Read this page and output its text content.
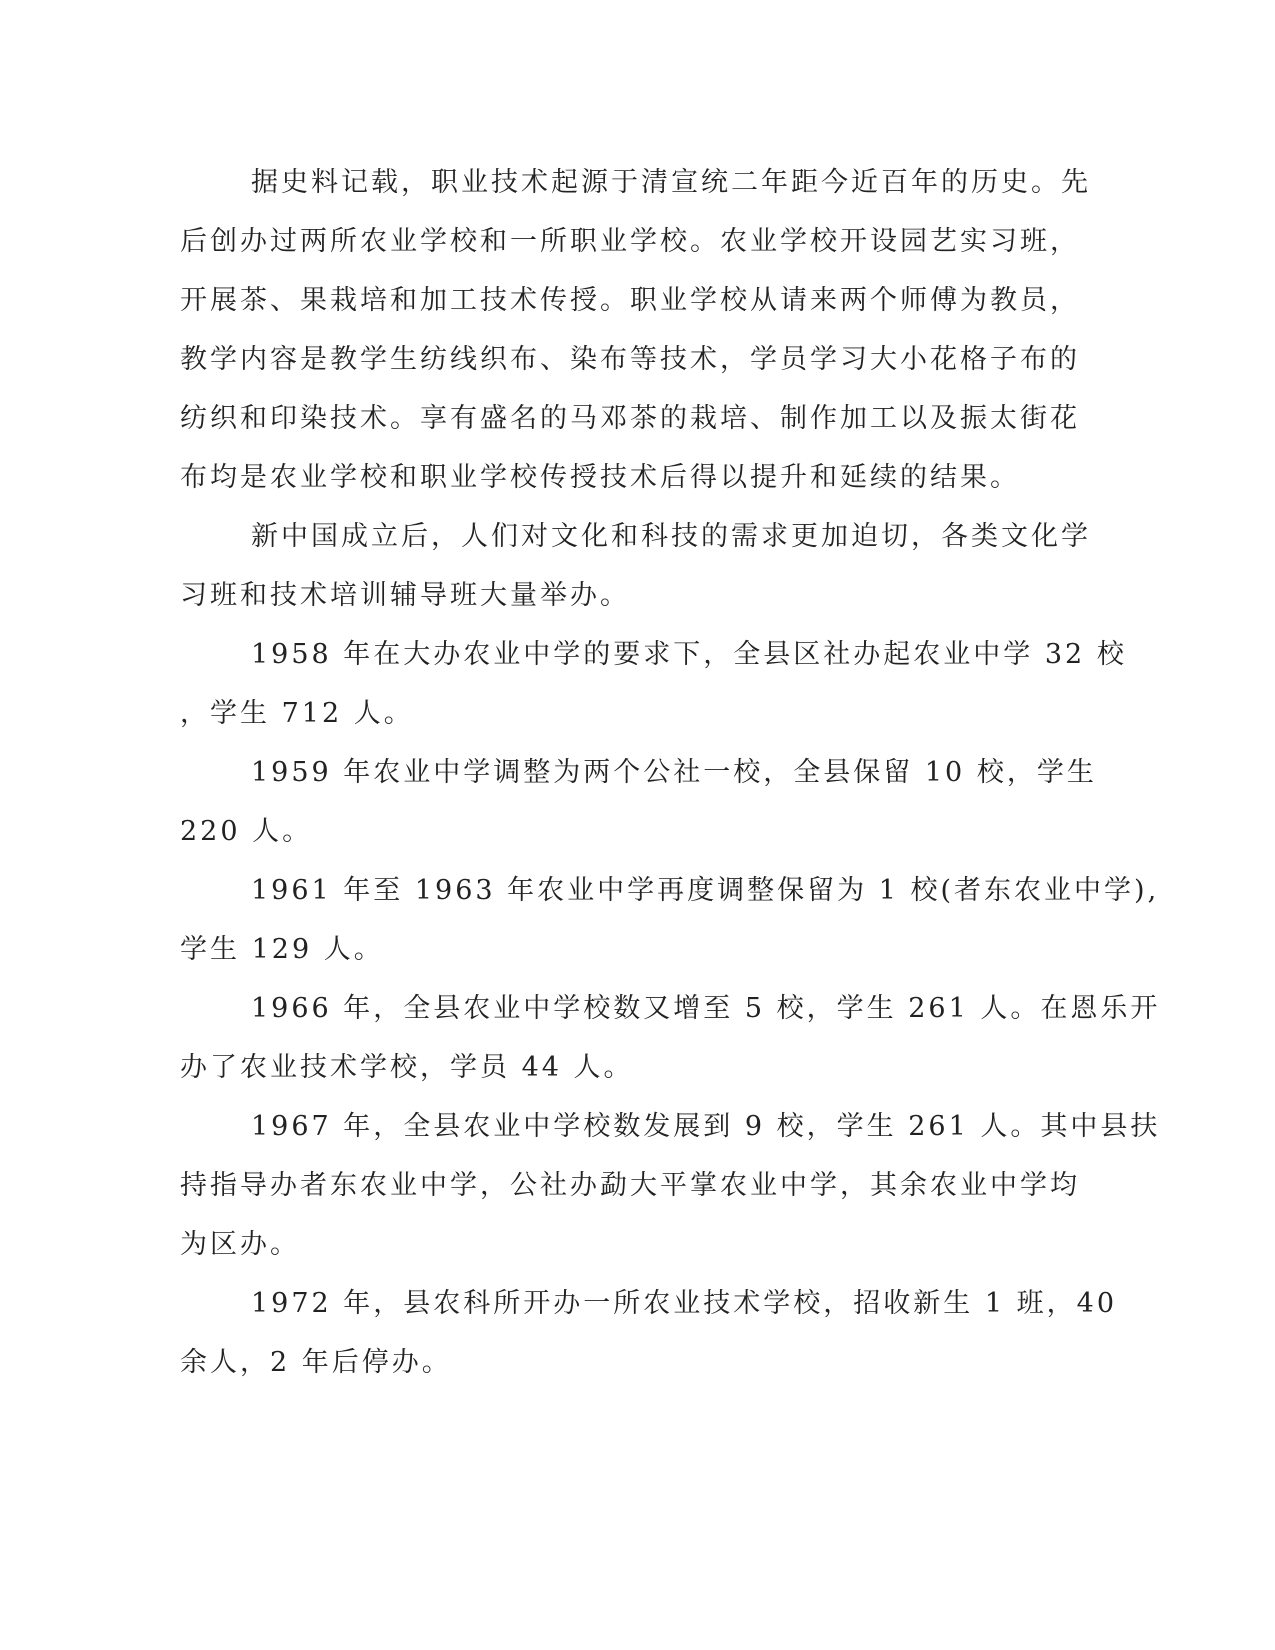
据史料记载，职业技术起源于清宣统二年距今近百年的历史。先
后创办过两所农业学校和一所职业学校。农业学校开设园艺实习班，
开展茶、果栽培和加工技术传授。职业学校从请来两个师傅为教员，
教学内容是教学生纺线织布、染布等技术，学员学习大小花格子布的
纺织和印染技术。享有盛名的马邓茶的栽培、制作加工以及振太街花
布均是农业学校和职业学校传授技术后得以提升和延续的结果。
新中国成立后，人们对文化和科技的需求更加迫切，各类文化学
习班和技术培训辅导班大量举办。
1958 年在大办农业中学的要求下，全县区社办起农业中学 32 校
，学生 712 人。
1959 年农业中学调整为两个公社一校，全县保留 10 校，学生
220 人。
1961 年至 1963 年农业中学再度调整保留为 1 校(者东农业中学),
学生 129 人。
1966 年，全县农业中学校数又增至 5 校，学生 261 人。在恩乐开
办了农业技术学校，学员 44 人。
1967 年，全县农业中学校数发展到 9 校，学生 261 人。其中县扶
持指导办者东农业中学，公社办勐大平掌农业中学，其余农业中学均
为区办。
1972 年，县农科所开办一所农业技术学校，招收新生 1 班，40
余人，2 年后停办。
